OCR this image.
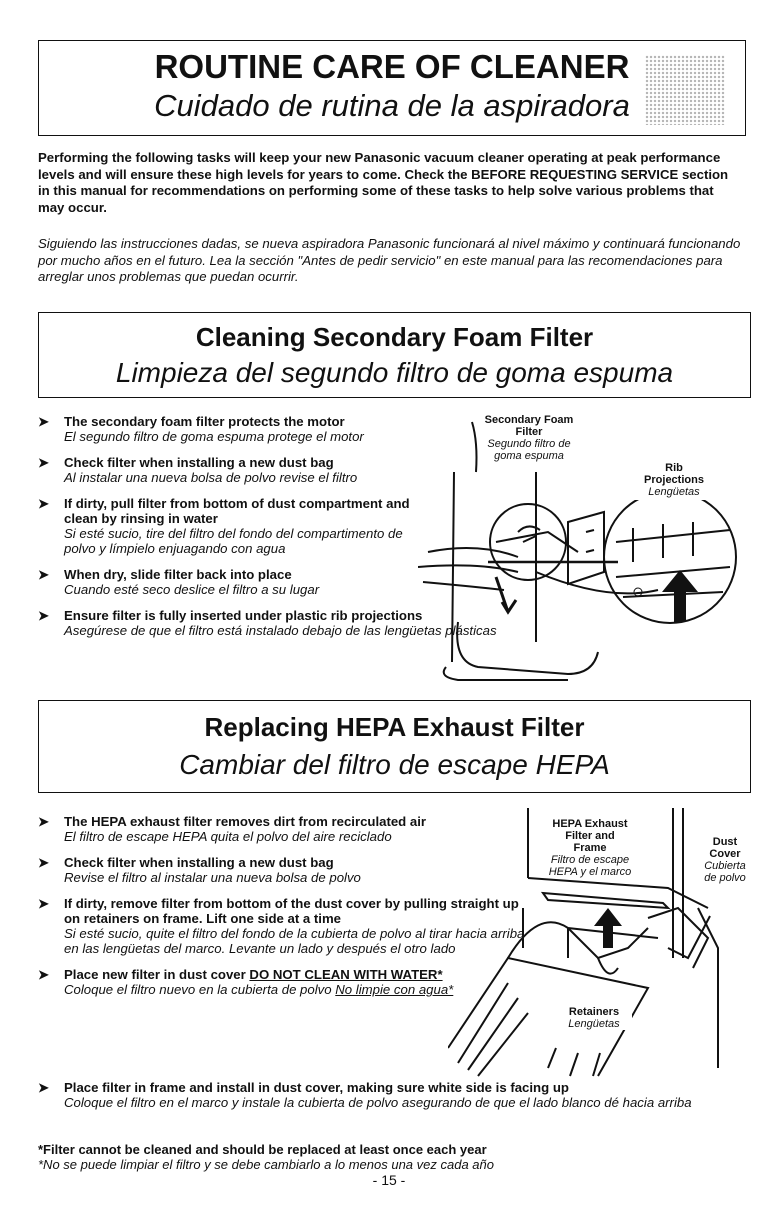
ROUTINE CARE OF CLEANER

Cuidado de rutina de la aspiradora

Performing the following tasks will keep your new Panasonic vacuum cleaner operating at peak performance levels and will ensure these high levels for years to come. Check the BEFORE REQUESTING SERVICE section in this manual for recommendations on performing some of these tasks to help solve various problems that may occur.

Siguiendo las instrucciones dadas, se nueva aspiradora Panasonic funcionará al nivel máximo y continuará funcionando por mucho años en el futuro. Lea la sección "Antes de pedir servicio" en este manual para las recomendaciones para arreglar unos problemas que puedan ocurrir.

Cleaning Secondary Foam Filter

Limpieza del segundo filtro de goma espuma

➤ The secondary foam filter protects the motor
El segundo filtro de goma espuma protege el motor
➤ Check filter when installing a new dust bag
Al instalar una nueva bolsa de polvo revise el filtro
➤ If dirty, pull filter from bottom of dust compartment and clean by rinsing in water
Si esté sucio, tire del filtro del fondo del compartimento de polvo y límpielo enjuagando con agua
➤ When dry, slide filter back into place
Cuando esté seco deslice el filtro a su lugar
➤ Ensure filter is fully inserted under plastic rib projections
Asegúrese de que el filtro está instalado debajo de las lengüetas plásticas
Secondary Foam Filter
Segundo filtro de goma espuma
Rib Projections
Lengüetas

Replacing HEPA Exhaust Filter

Cambiar del filtro de escape HEPA

➤ The HEPA exhaust filter removes dirt from recirculated air
El filtro de escape HEPA quita el polvo del aire reciclado
➤ Check filter when installing a new dust bag
Revise el filtro al instalar una nueva bolsa de polvo
➤ If dirty, remove filter from bottom of the dust cover by pulling straight up on retainers on frame. Lift one side at a time
Si esté sucio, quite el filtro del fondo de la cubierta de polvo al tirar hacia arriba en las lengüetas del marco. Levante un lado y después el otro lado
➤ Place new filter in dust cover DO NOT CLEAN WITH WATER*
Coloque el filtro nuevo en la cubierta de polvo No limpie con agua*
➤ Place filter in frame and install in dust cover, making sure white side is facing up
Coloque el filtro en el marco y instale la cubierta de polvo asegurando de que el lado blanco dé hacia arriba
HEPA Exhaust Filter and Frame
Filtro de escape HEPA y el marco
Dust Cover
Cubierta de polvo
Retainers
Lengüetas

*Filter cannot be cleaned and should be replaced at least once each year

*No se puede limpiar el filtro y se debe cambiarlo a lo menos una vez cada año

- 15 -
